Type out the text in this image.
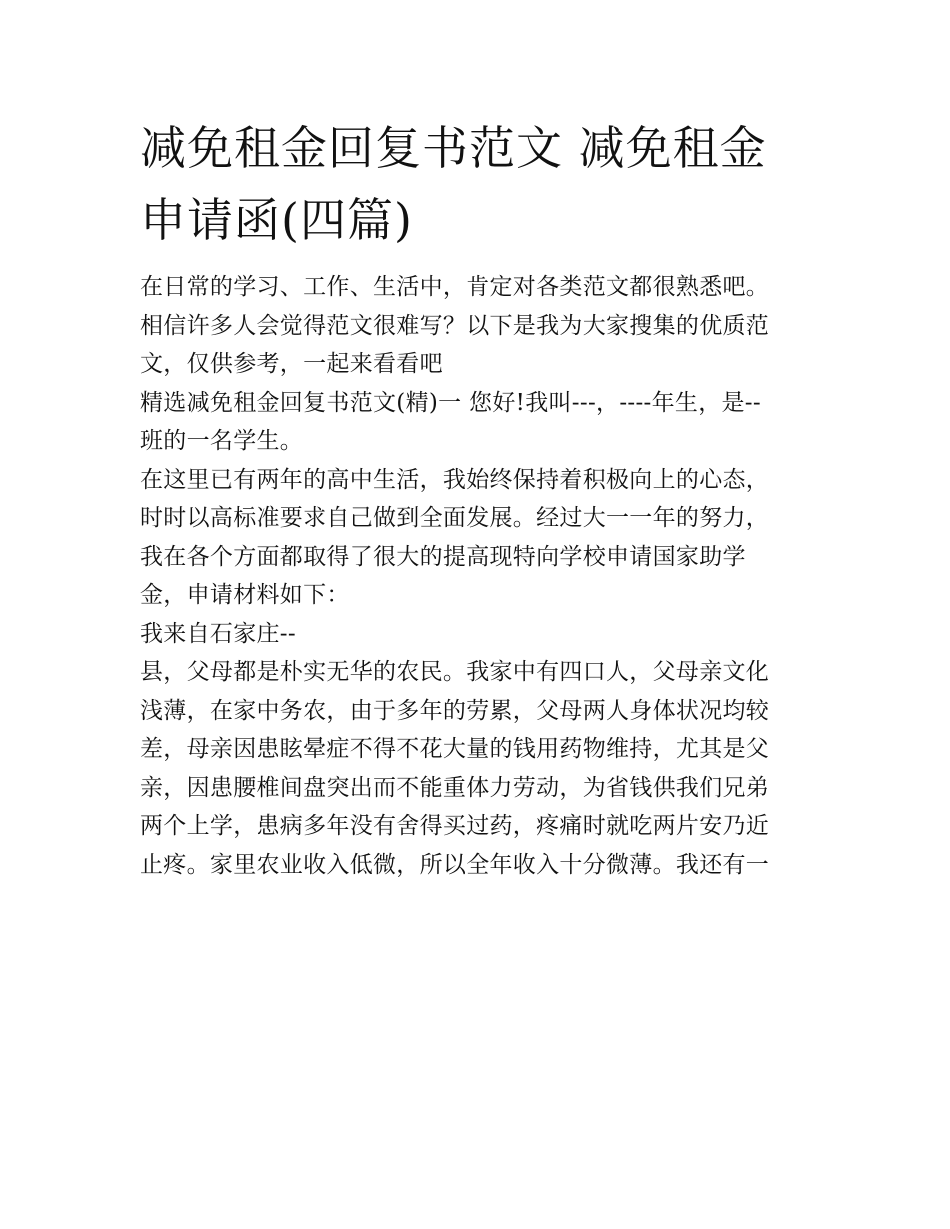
减免租金回复书范文 减免租金
申请函(四篇)

在日常的学习、工作、生活中，肯定对各类范文都很熟悉吧。
相信许多人会觉得范文很难写？以下是我为大家搜集的优质范
文，仅供参考，一起来看看吧

精选减免租金回复书范文(精)一 您好!我叫---，----年生，是--
班的一名学生。

在这里已有两年的高中生活，我始终保持着积极向上的心态，
时时以高标准要求自己做到全面发展。经过大一一年的努力，
我在各个方面都取得了很大的提高现特向学校申请国家助学
金，申请材料如下：

我来自石家庄--

县，父母都是朴实无华的农民。我家中有四口人，父母亲文化
浅薄，在家中务农，由于多年的劳累，父母两人身体状况均较
差，母亲因患眩晕症不得不花大量的钱用药物维持，尤其是父
亲，因患腰椎间盘突出而不能重体力劳动，为省钱供我们兄弟
两个上学，患病多年没有舍得买过药，疼痛时就吃两片安乃近
止疼。家里农业收入低微，所以全年收入十分微薄。我还有一
